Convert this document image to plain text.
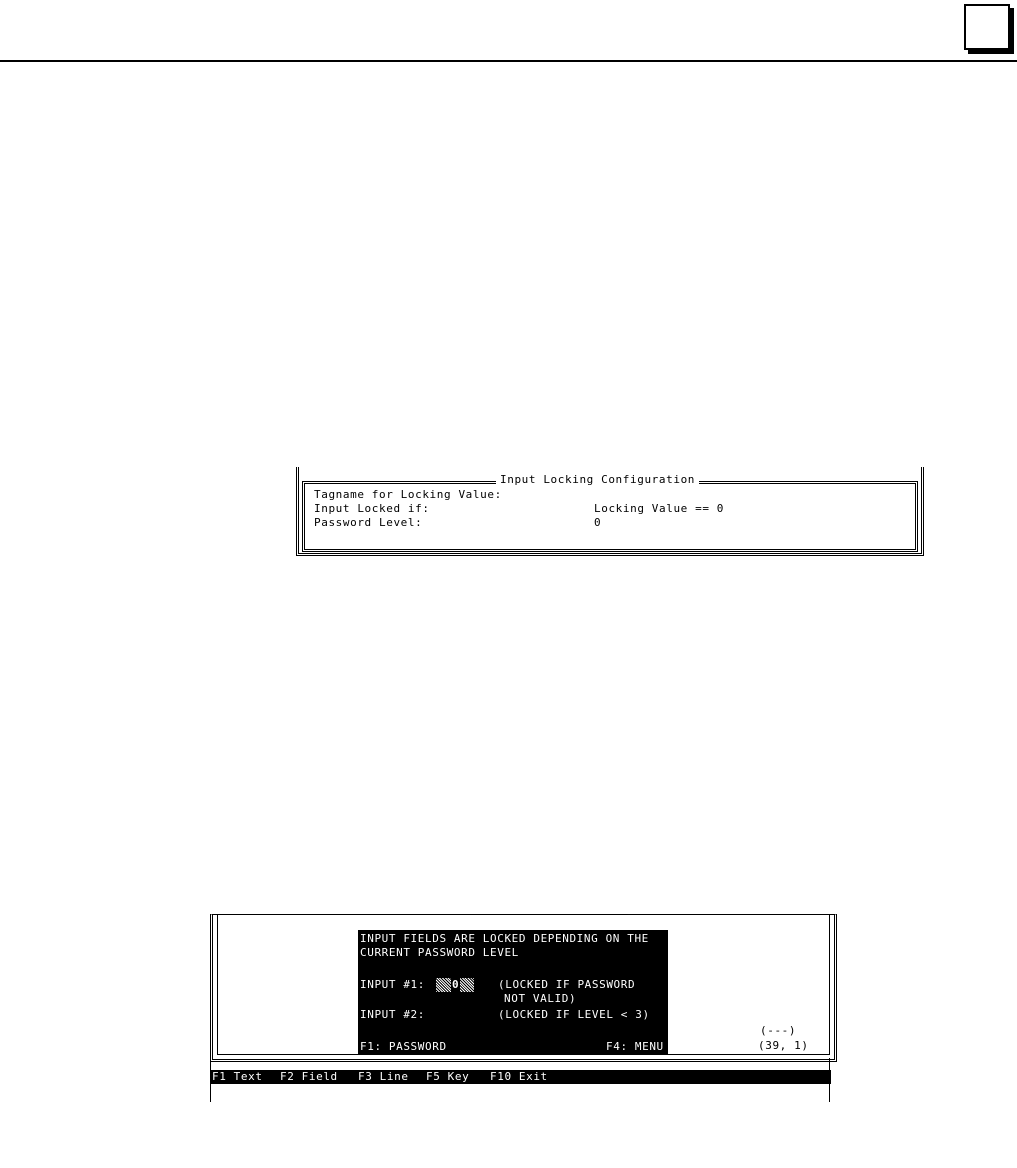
Input Locking Configuration
Tagname for Locking Value:
Input Locked if:	Locking Value == 0
Password Level:	0
INPUT FIELDS ARE LOCKED DEPENDING ON THE
CURRENT PASSWORD LEVEL
INPUT #1: 0	(LOCKED IF PASSWORD
NOT VALID)
INPUT #2:	(LOCKED IF LEVEL < 3)
F1: PASSWORD	F4: MENU
(---)
(39, 1)

F1 Text

F2 Field

F3 Line

F5 Key

F10 Exit
